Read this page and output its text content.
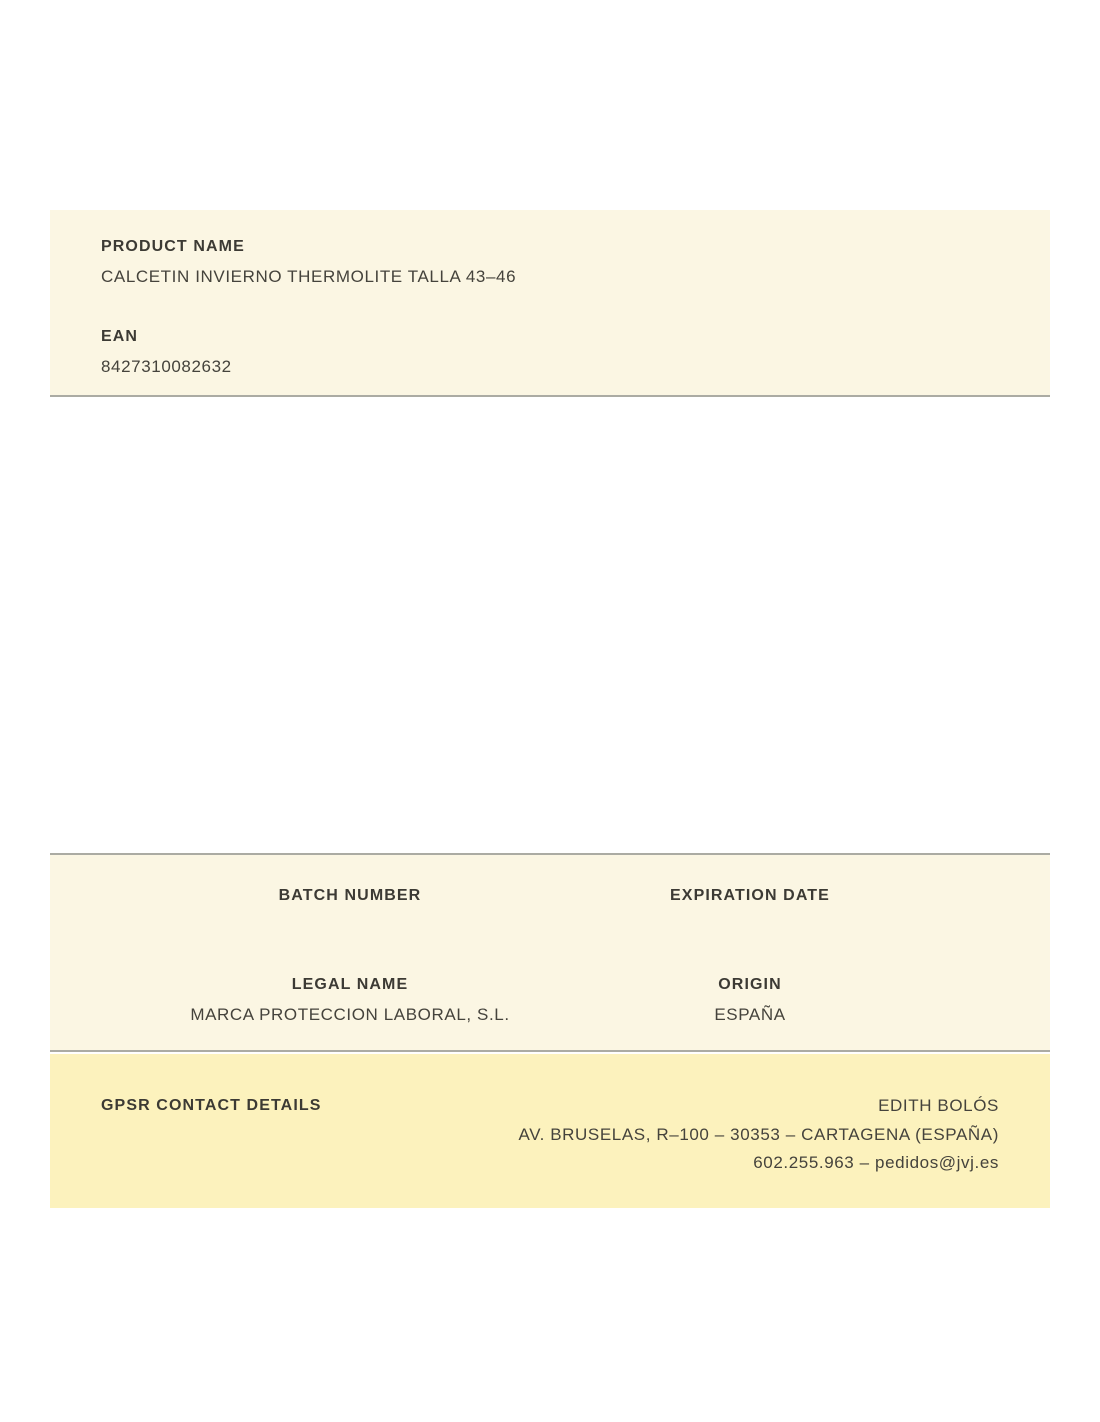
PRODUCT NAME
CALCETIN INVIERNO THERMOLITE TALLA 43–46
EAN
8427310082632
BATCH NUMBER	EXPIRATION DATE
LEGAL NAME
MARCA PROTECCION LABORAL, S.L.
ORIGIN
ESPAÑA
GPSR CONTACT DETAILS	EDITH BOLÓS
AV. BRUSELAS, R–100 – 30353 – CARTAGENA (ESPAÑA)
602.255.963 – pedidos@jvj.es
